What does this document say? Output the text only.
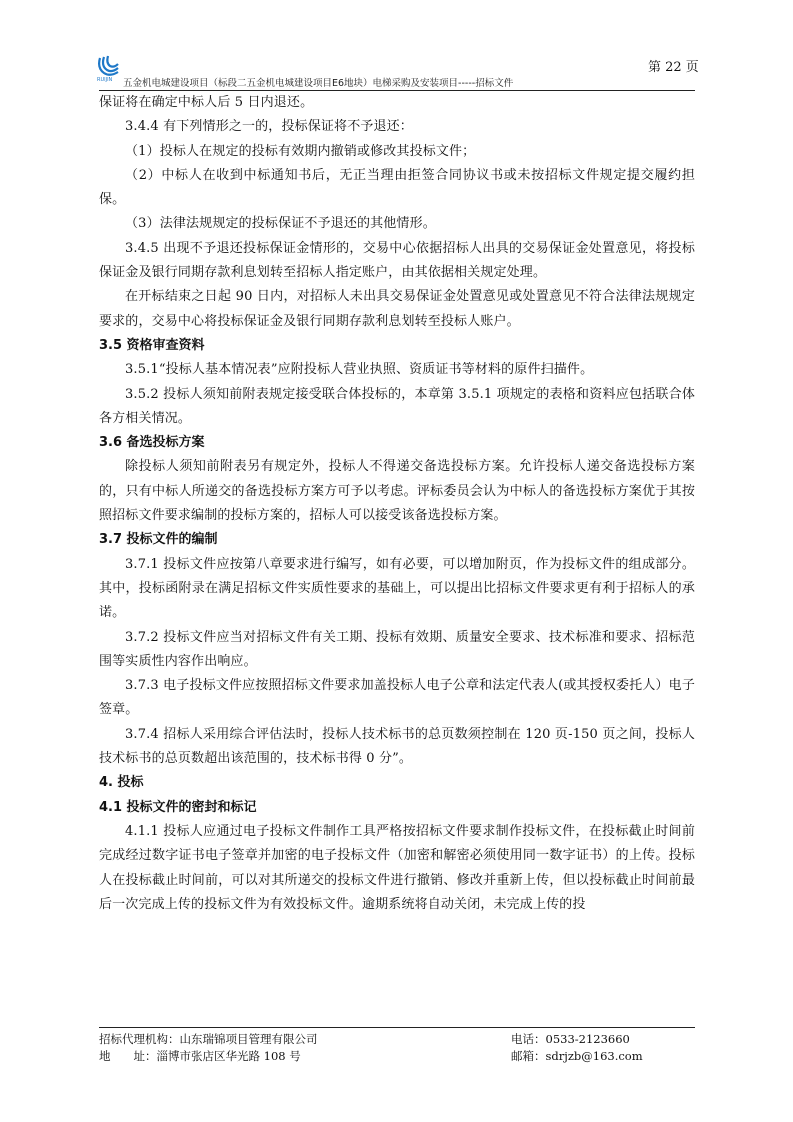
第 22 页
RUIJIN 五金机电城建设项目（标段二五金机电城建设项目E6地块）电梯采购及安装项目-----招标文件

保证将在确定中标人后 5 日内退还。

3.4.4 有下列情形之一的，投标保证将不予退还：

（1）投标人在规定的投标有效期内撤销或修改其投标文件；

（2）中标人在收到中标通知书后，无正当理由拒签合同协议书或未按招标文件规定提交履约担保。

（3）法律法规规定的投标保证不予退还的其他情形。

3.4.5 出现不予退还投标保证金情形的，交易中心依据招标人出具的交易保证金处置意见，将投标保证金及银行同期存款利息划转至招标人指定账户，由其依据相关规定处理。

在开标结束之日起 90 日内，对招标人未出具交易保证金处置意见或处置意见不符合法律法规规定要求的，交易中心将投标保证金及银行同期存款利息划转至投标人账户。

3.5 资格审查资料

3.5.1“投标人基本情况表”应附投标人营业执照、资质证书等材料的原件扫描件。

3.5.2 投标人须知前附表规定接受联合体投标的，本章第 3.5.1 项规定的表格和资料应包括联合体各方相关情况。

3.6 备选投标方案

除投标人须知前附表另有规定外，投标人不得递交备选投标方案。允许投标人递交备选投标方案的，只有中标人所递交的备选投标方案方可予以考虑。评标委员会认为中标人的备选投标方案优于其按照招标文件要求编制的投标方案的，招标人可以接受该备选投标方案。

3.7 投标文件的编制

3.7.1 投标文件应按第八章要求进行编写，如有必要，可以增加附页，作为投标文件的组成部分。其中，投标函附录在满足招标文件实质性要求的基础上，可以提出比招标文件要求更有利于招标人的承诺。

3.7.2 投标文件应当对招标文件有关工期、投标有效期、质量安全要求、技术标准和要求、招标范围等实质性内容作出响应。

3.7.3 电子投标文件应按照招标文件要求加盖投标人电子公章和法定代表人(或其授权委托人）电子签章。

3.7.4 招标人采用综合评估法时，投标人技术标书的总页数须控制在 120 页-150 页之间，投标人技术标书的总页数超出该范围的，技术标书得 0 分”。

4. 投标
4.1 投标文件的密封和标记

4.1.1 投标人应通过电子投标文件制作工具严格按招标文件要求制作投标文件，在投标截止时间前完成经过数字证书电子签章并加密的电子投标文件（加密和解密必须使用同一数字证书）的上传。投标人在投标截止时间前，可以对其所递交的投标文件进行撤销、修改并重新上传，但以投标截止时间前最后一次完成上传的投标文件为有效投标文件。逾期系统将自动关闭，未完成上传的投

招标代理机构：山东瑞锦项目管理有限公司	电话：0533-2123660
地　　址：淄博市张店区华光路 108 号	邮箱：sdrjzb@163.com
